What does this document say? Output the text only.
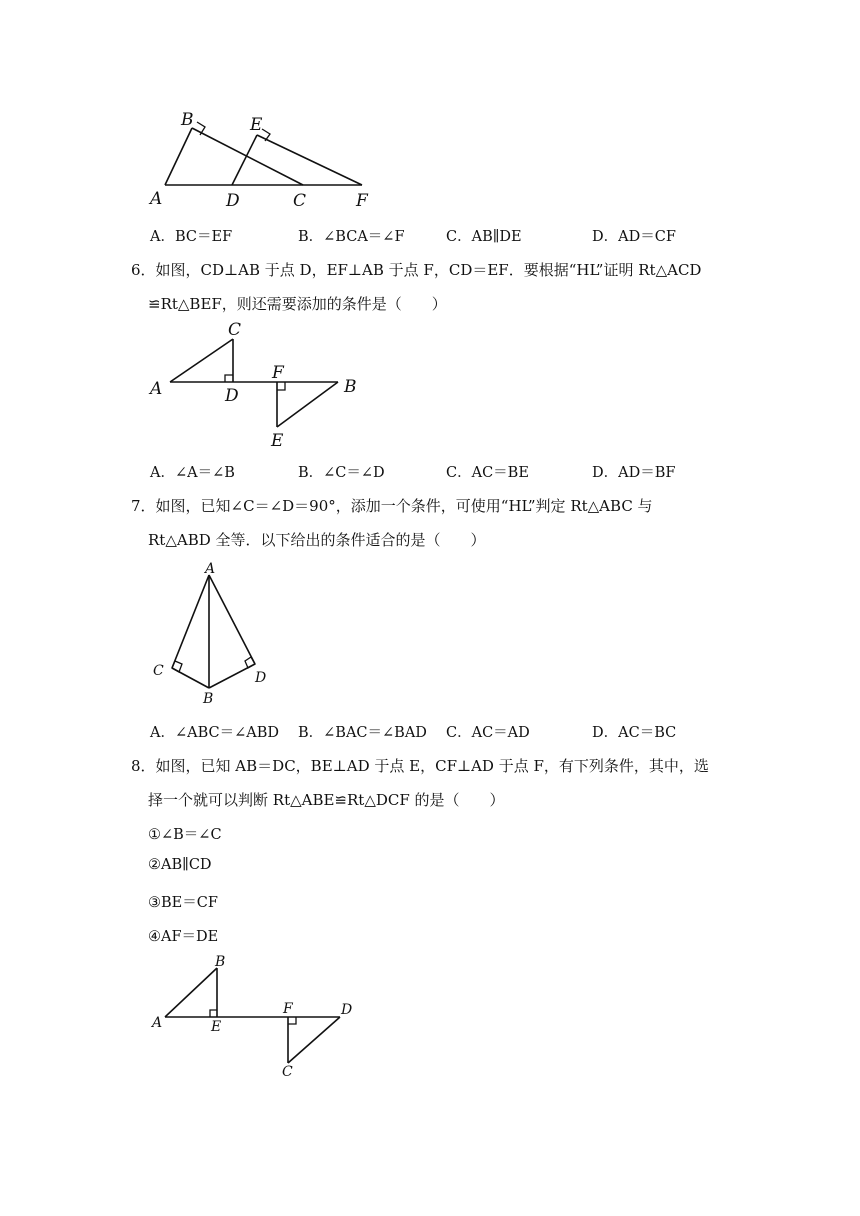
B	E
A	D	C	F
A．BC＝EF	B．∠BCA＝∠F	C．AB∥DE	D．AD＝CF
6．如图，CD⊥AB 于点 D，EF⊥AB 于点 F，CD＝EF．要根据“HL”证明 Rt△ACD
≌Rt△BEF，则还需要添加的条件是（　　）
C
A	D
F
B
E
A．∠A＝∠B	B．∠C＝∠D	C．AC＝BE	D．AD＝BF
7．如图，已知∠C＝∠D＝90°，添加一个条件，可使用“HL”判定 Rt△ABC 与
Rt△ABD 全等．以下给出的条件适合的是（　　）
A
C
B
D
A．∠ABC＝∠ABD B．∠BAC＝∠BAD C．AC＝AD	D．AC＝BC
8．如图，已知 AB＝DC，BE⊥AD 于点 E，CF⊥AD 于点 F，有下列条件，其中，选
择一个就可以判断 Rt△ABE≌Rt△DCF 的是（　　）
①∠B＝∠C
②AB∥CD
③BE＝CF
④AF＝DE
B
A	E
F	D
C
